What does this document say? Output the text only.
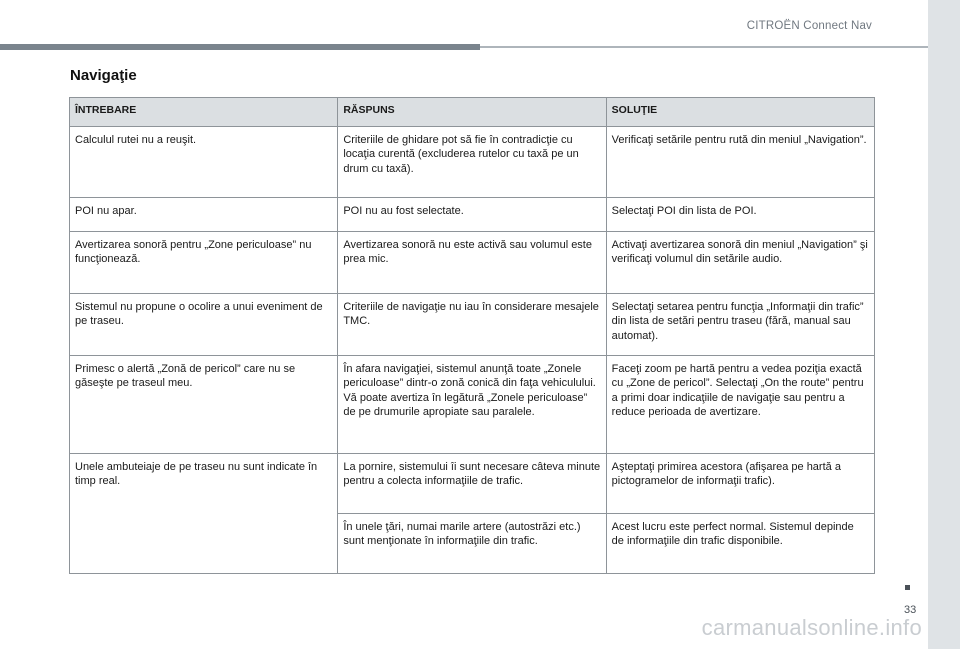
CITROËN Connect Nav
Navigaţie
ÎNTREBARE	RĂSPUNS	SOLUŢIE
Calculul rutei nu a reuşit.	Criteriile de ghidare pot să fie în contradicţie cu locaţia curentă (excluderea rutelor cu taxă pe un drum cu taxă).	Verificaţi setările pentru rută din meniul „Navigation”.
POI nu apar.	POI nu au fost selectate.	Selectaţi POI din lista de POI.
Avertizarea sonoră pentru „Zone periculoase” nu funcţionează.	Avertizarea sonoră nu este activă sau volumul este prea mic.	Activaţi avertizarea sonoră din meniul „Navigation” şi verificaţi volumul din setările audio.
Sistemul nu propune o ocolire a unui eveniment de pe traseu.	Criteriile de navigaţie nu iau în considerare mesajele TMC.	Selectaţi setarea pentru funcţia „Informaţii din trafic” din lista de setări pentru traseu (fără, manual sau automat).
Primesc o alertă „Zonă de pericol” care nu se găseşte pe traseul meu.	În afara navigaţiei, sistemul anunţă toate „Zonele periculoase” dintr-o zonă conică din faţa vehiculului. Vă poate avertiza în legătură „Zonele periculoase” de pe drumurile apropiate sau paralele.	Faceţi zoom pe hartă pentru a vedea poziţia exactă cu „Zone de pericol”. Selectaţi „On the route” pentru a primi doar indicaţiile de navigaţie sau pentru a reduce perioada de avertizare.
Unele ambuteiaje de pe traseu nu sunt indicate în timp real.	La pornire, sistemului îi sunt necesare câteva minute pentru a colecta informaţiile de trafic.	Aşteptaţi primirea acestora (afişarea pe hartă a pictogramelor de informaţii trafic).
	În unele ţări, numai marile artere (autostrăzi etc.) sunt menţionate în informaţiile din trafic.	Acest lucru este perfect normal. Sistemul depinde de informaţiile din trafic disponibile.
33
carmanualsonline.info
